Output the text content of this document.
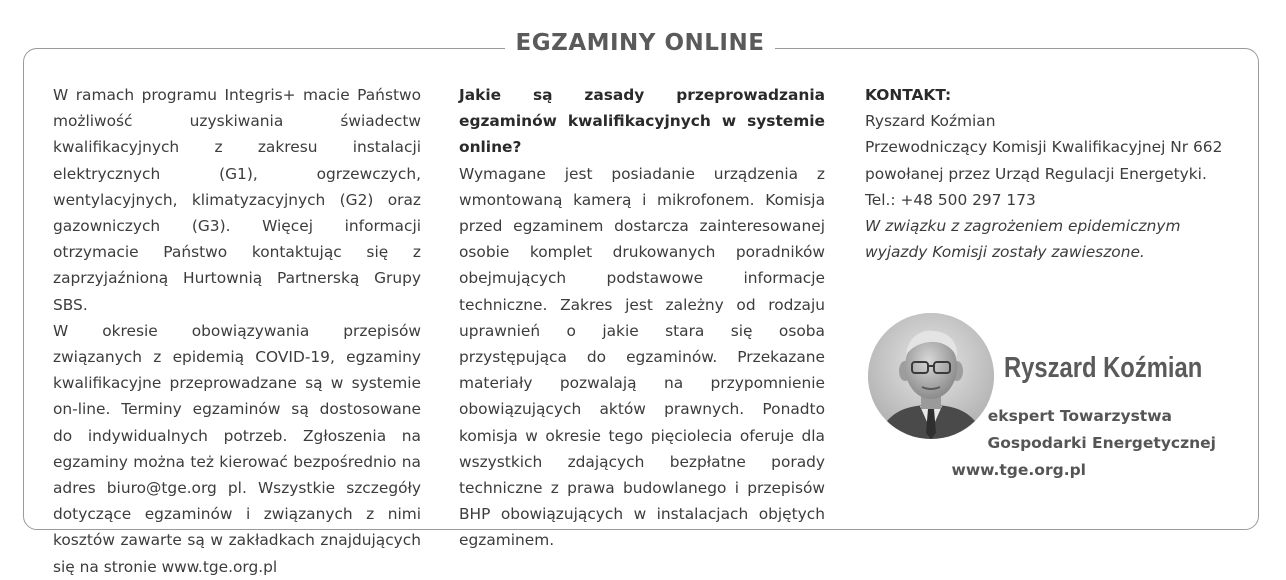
EGZAMINY ONLINE

W ramach programu Integris+ macie Państwo możliwość uzyskiwania świadectw kwalifikacyjnych z zakresu instalacji elektrycznych (G1), ogrzewczych, wentylacyjnych, klimatyzacyjnych (G2) oraz gazowniczych (G3). Więcej informacji otrzymacie Państwo kontaktując się z zaprzyjaźnioną Hurtownią Partnerską Grupy SBS.

W okresie obowiązywania przepisów związanych z epidemią COVID-19, egzaminy kwalifikacyjne przeprowadzane są w systemie on-line. Terminy egzaminów są dostosowane do indywidualnych potrzeb. Zgłoszenia na egzaminy można też kierować bezpośrednio na adres biuro@tge.org pl. Wszystkie szczegóły dotyczące egzaminów i związanych z nimi kosztów zawarte są w zakładkach znajdujących się na stronie www.tge.org.pl

Jakie są zasady przeprowadzania egzaminów kwalifikacyjnych w systemie online?

Wymagane jest posiadanie urządzenia z wmontowaną kamerą i mikrofonem. Komisja przed egzaminem dostarcza zainteresowanej osobie komplet drukowanych poradników obejmujących podstawowe informacje techniczne. Zakres jest zależny od rodzaju uprawnień o jakie stara się osoba przystępująca do egzaminów. Przekazane materiały pozwalają na przypomnienie obowiązujących aktów prawnych. Ponadto komisja w okresie tego pięciolecia oferuje dla wszystkich zdających bezpłatne porady techniczne z prawa budowlanego i przepisów BHP obowiązujących w instalacjach objętych egzaminem.

KONTAKT:

Ryszard Koźmian

Przewodniczący Komisji Kwalifikacyjnej Nr 662

powołanej przez Urząd Regulacji Energetyki.

Tel.: +48 500 297 173

W związku z zagrożeniem epidemicznym wyjazdy Komisji zostały zawieszone.

Ryszard Koźmian
ekspert Towarzystwa
Gospodarki Energetycznej
www.tge.org.pl
